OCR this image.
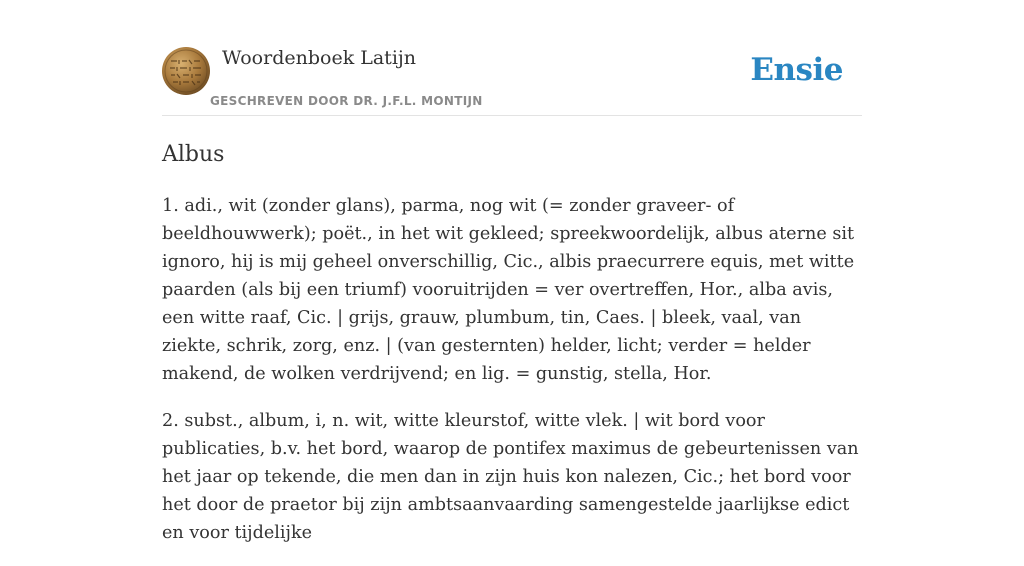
Woordenboek Latijn
GESCHREVEN DOOR DR. J.F.L. MONTIJN
Ensie
Albus

1. adi., wit (zonder glans), parma, nog wit (= zonder graveer- of beeldhouwwerk); poët., in het wit gekleed; spreekwoordelijk, albus aterne sit ignoro, hij is mij geheel onverschillig, Cic., albis praecurrere equis, met witte paarden (als bij een triumf) vooruitrijden = ver overtreffen, Hor., alba avis, een witte raaf, Cic. | grijs, grauw, plumbum, tin, Caes. | bleek, vaal, van ziekte, schrik, zorg, enz. | (van gesternten) helder, licht; verder = helder makend, de wolken verdrijvend; en lig. = gunstig, stella, Hor.

2. subst., album, i, n. wit, witte kleurstof, witte vlek. | wit bord voor publicaties, b.v. het bord, waarop de pontifex maximus de gebeurtenissen van het jaar op tekende, die men dan in zijn huis kon nalezen, Cic.; het bord voor het door de praetor bij zijn ambtsaanvaarding samengestelde jaarlijkse edict en voor tijdelijke
